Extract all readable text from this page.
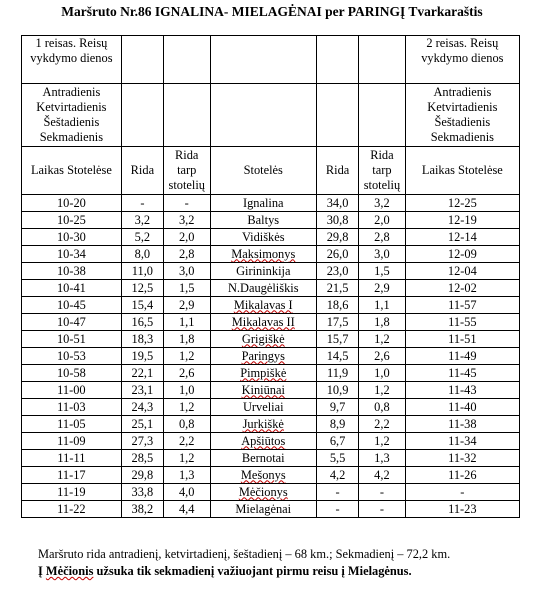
Maršruto Nr.86 IGNALINA- MIELAGĖNAI per PARINGĮ Tvarkaraštis
1 reisas. Reisų vykdymo dienos						2 reisas. Reisų vykdymo dienos
Antradienis Ketvirtadienis Šeštadienis Sekmadienis						Antradienis Ketvirtadienis Šeštadienis Sekmadienis
Laikas Stotelėse	Rida	Rida tarp stotelių	Stotelės	Rida	Rida tarp stotelių	Laikas Stotelėse
10-20	-	-	Ignalina	34,0	3,2	12-25
10-25	3,2	3,2	Baltys	30,8	2,0	12-19
10-30	5,2	2,0	Vidiškės	29,8	2,8	12-14
10-34	8,0	2,8	Maksimonys	26,0	3,0	12-09
10-38	11,0	3,0	Girininkija	23,0	1,5	12-04
10-41	12,5	1,5	N.Daugėliškis	21,5	2,9	12-02
10-45	15,4	2,9	Mikalavas I	18,6	1,1	11-57
10-47	16,5	1,1	Mikalavas II	17,5	1,8	11-55
10-51	18,3	1,8	Grigiškė	15,7	1,2	11-51
10-53	19,5	1,2	Paringys	14,5	2,6	11-49
10-58	22,1	2,6	Pimpiškė	11,9	1,0	11-45
11-00	23,1	1,0	Kiniūnai	10,9	1,2	11-43
11-03	24,3	1,2	Urveliai	9,7	0,8	11-40
11-05	25,1	0,8	Jurkiškė	8,9	2,2	11-38
11-09	27,3	2,2	Apšiūtos	6,7	1,2	11-34
11-11	28,5	1,2	Bernotai	5,5	1,3	11-32
11-17	29,8	1,3	Mešonys	4,2	4,2	11-26
11-19	33,8	4,0	Mėčionys	-	-	-
11-22	38,2	4,4	Mielagėnai	-	-	11-23
Maršruto rida antradienį, ketvirtadienį, šeštadienį – 68 km.; Sekmadienį – 72,2 km.
Į Mėčionis užsuka tik sekmadienį važiuojant pirmu reisu į Mielagėnus.
